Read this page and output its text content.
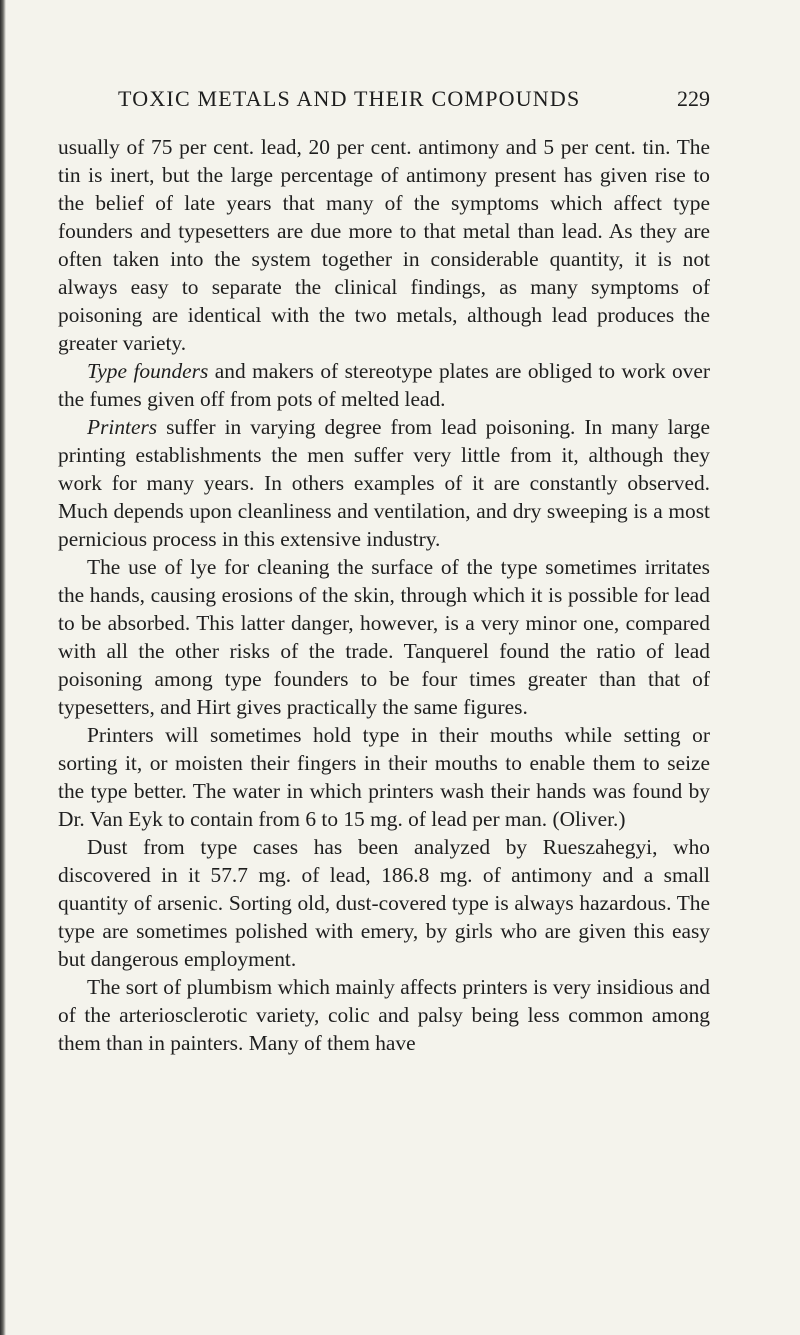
TOXIC METALS AND THEIR COMPOUNDS	229

usually of 75 per cent. lead, 20 per cent. antimony and 5 per cent. tin. The tin is inert, but the large percentage of antimony present has given rise to the belief of late years that many of the symptoms which affect type founders and typesetters are due more to that metal than lead. As they are often taken into the system together in considerable quantity, it is not always easy to separate the clinical findings, as many symptoms of poisoning are identical with the two metals, although lead produces the greater variety.

Type founders and makers of stereotype plates are obliged to work over the fumes given off from pots of melted lead.

Printers suffer in varying degree from lead poisoning. In many large printing establishments the men suffer very little from it, although they work for many years. In others examples of it are constantly observed. Much depends upon cleanliness and ventilation, and dry sweeping is a most pernicious process in this extensive industry.

The use of lye for cleaning the surface of the type sometimes irritates the hands, causing erosions of the skin, through which it is possible for lead to be absorbed. This latter danger, however, is a very minor one, compared with all the other risks of the trade. Tanquerel found the ratio of lead poisoning among type founders to be four times greater than that of typesetters, and Hirt gives practically the same figures.

Printers will sometimes hold type in their mouths while setting or sorting it, or moisten their fingers in their mouths to enable them to seize the type better. The water in which printers wash their hands was found by Dr. Van Eyk to contain from 6 to 15 mg. of lead per man. (Oliver.)

Dust from type cases has been analyzed by Rueszahegyi, who discovered in it 57.7 mg. of lead, 186.8 mg. of antimony and a small quantity of arsenic. Sorting old, dust-covered type is always hazardous. The type are sometimes polished with emery, by girls who are given this easy but dangerous employment.

The sort of plumbism which mainly affects printers is very insidious and of the arteriosclerotic variety, colic and palsy being less common among them than in painters. Many of them have
